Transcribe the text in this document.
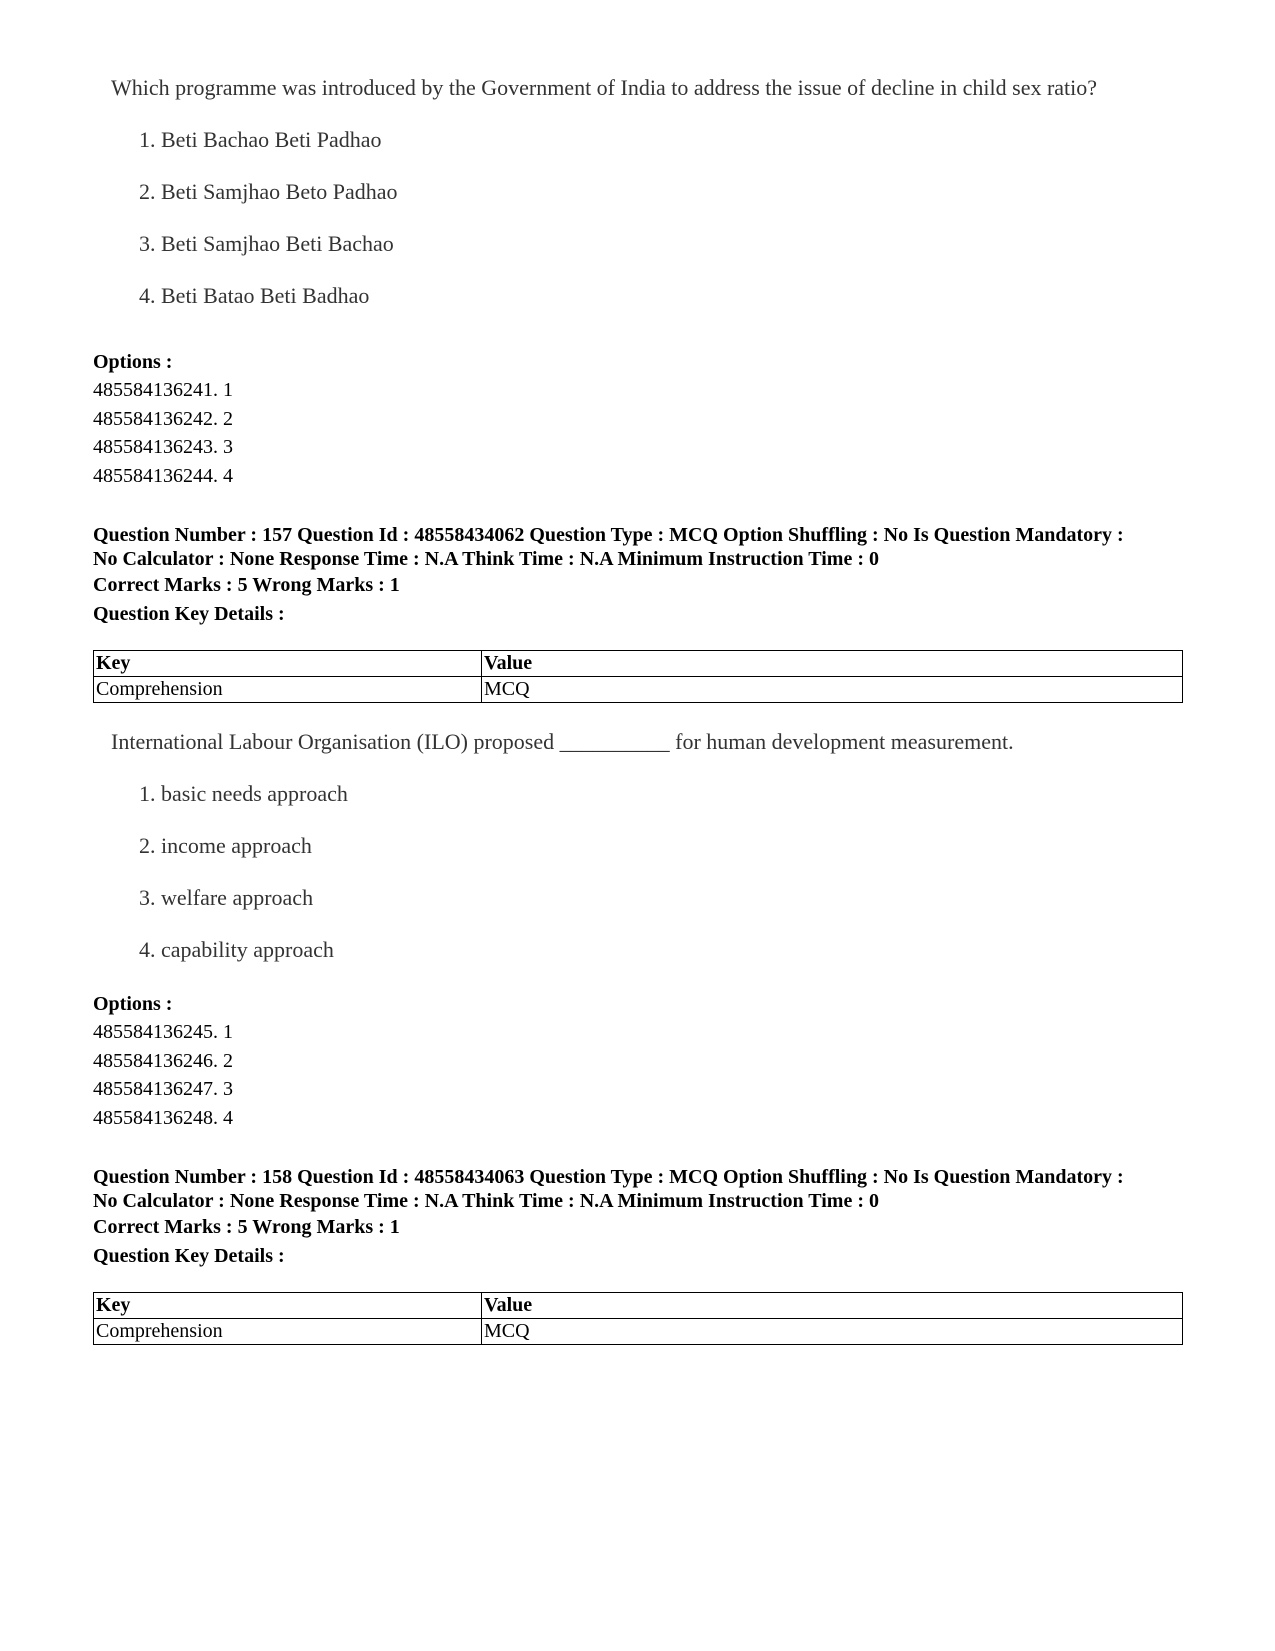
Which programme was introduced by the Government of India to address the issue of decline in child sex ratio?
1. Beti Bachao Beti Padhao
2. Beti Samjhao Beto Padhao
3. Beti Samjhao Beti Bachao
4. Beti Batao Beti Badhao
Options :
485584136241. 1
485584136242. 2
485584136243. 3
485584136244. 4
Question Number : 157 Question Id : 48558434062 Question Type : MCQ Option Shuffling : No Is Question Mandatory :
No Calculator : None Response Time : N.A Think Time : N.A Minimum Instruction Time : 0
Correct Marks : 5 Wrong Marks : 1
Question Key Details :
Key	Value
Comprehension	MCQ
International Labour Organisation (ILO) proposed __________ for human development measurement.
1. basic needs approach
2. income approach
3. welfare approach
4. capability approach
Options :
485584136245. 1
485584136246. 2
485584136247. 3
485584136248. 4
Question Number : 158 Question Id : 48558434063 Question Type : MCQ Option Shuffling : No Is Question Mandatory :
No Calculator : None Response Time : N.A Think Time : N.A Minimum Instruction Time : 0
Correct Marks : 5 Wrong Marks : 1
Question Key Details :
Key	Value
Comprehension	MCQ
